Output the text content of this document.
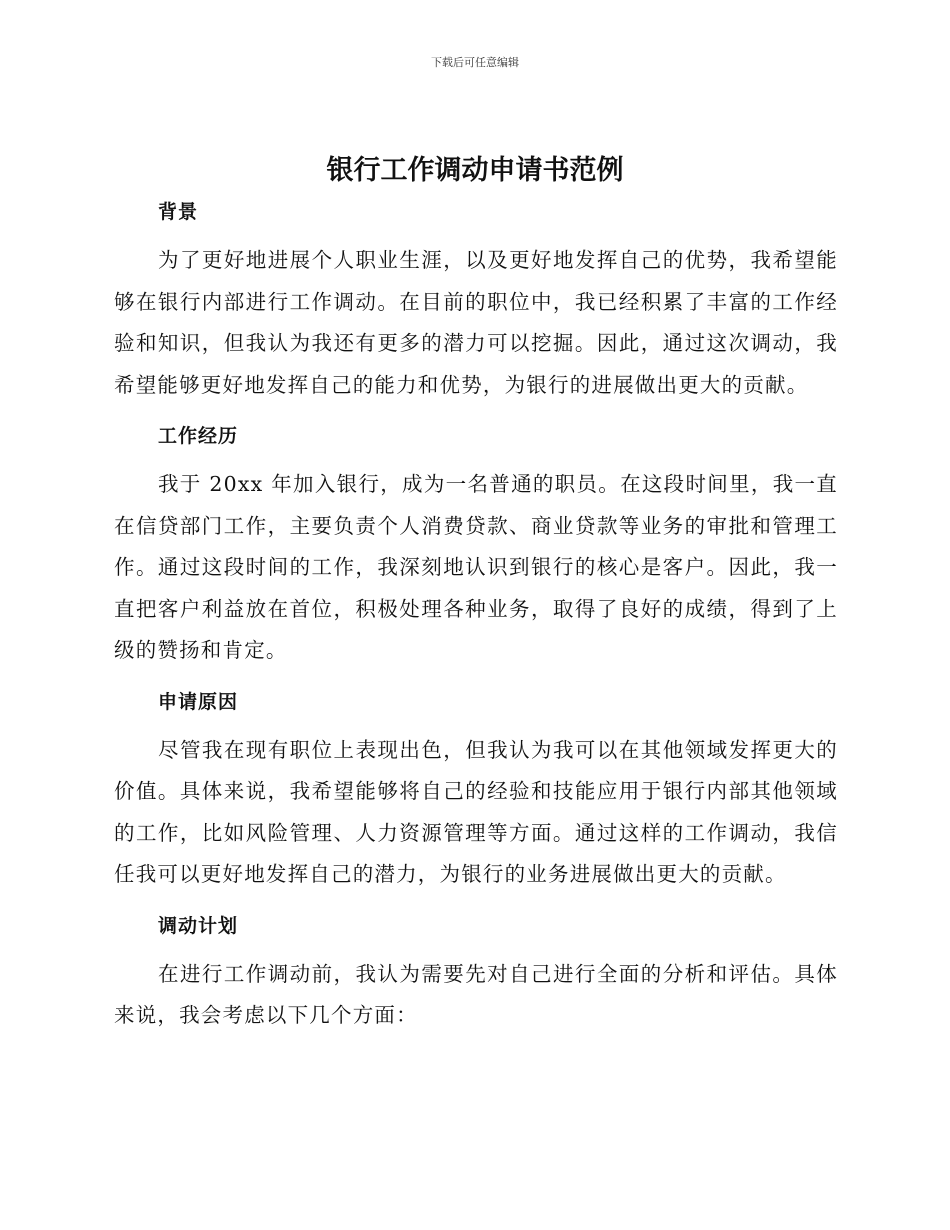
下载后可任意编辑
银行工作调动申请书范例
背景

为了更好地进展个人职业生涯，以及更好地发挥自己的优势，我希望能够在银行内部进行工作调动。在目前的职位中，我已经积累了丰富的工作经验和知识，但我认为我还有更多的潜力可以挖掘。因此，通过这次调动，我希望能够更好地发挥自己的能力和优势，为银行的进展做出更大的贡献。

工作经历

我于 20xx 年加入银行，成为一名普通的职员。在这段时间里，我一直在信贷部门工作，主要负责个人消费贷款、商业贷款等业务的审批和管理工作。通过这段时间的工作，我深刻地认识到银行的核心是客户。因此，我一直把客户利益放在首位，积极处理各种业务，取得了良好的成绩，得到了上级的赞扬和肯定。

申请原因

尽管我在现有职位上表现出色，但我认为我可以在其他领域发挥更大的价值。具体来说，我希望能够将自己的经验和技能应用于银行内部其他领域的工作，比如风险管理、人力资源管理等方面。通过这样的工作调动，我信任我可以更好地发挥自己的潜力，为银行的业务进展做出更大的贡献。

调动计划

在进行工作调动前，我认为需要先对自己进行全面的分析和评估。具体来说，我会考虑以下几个方面：
